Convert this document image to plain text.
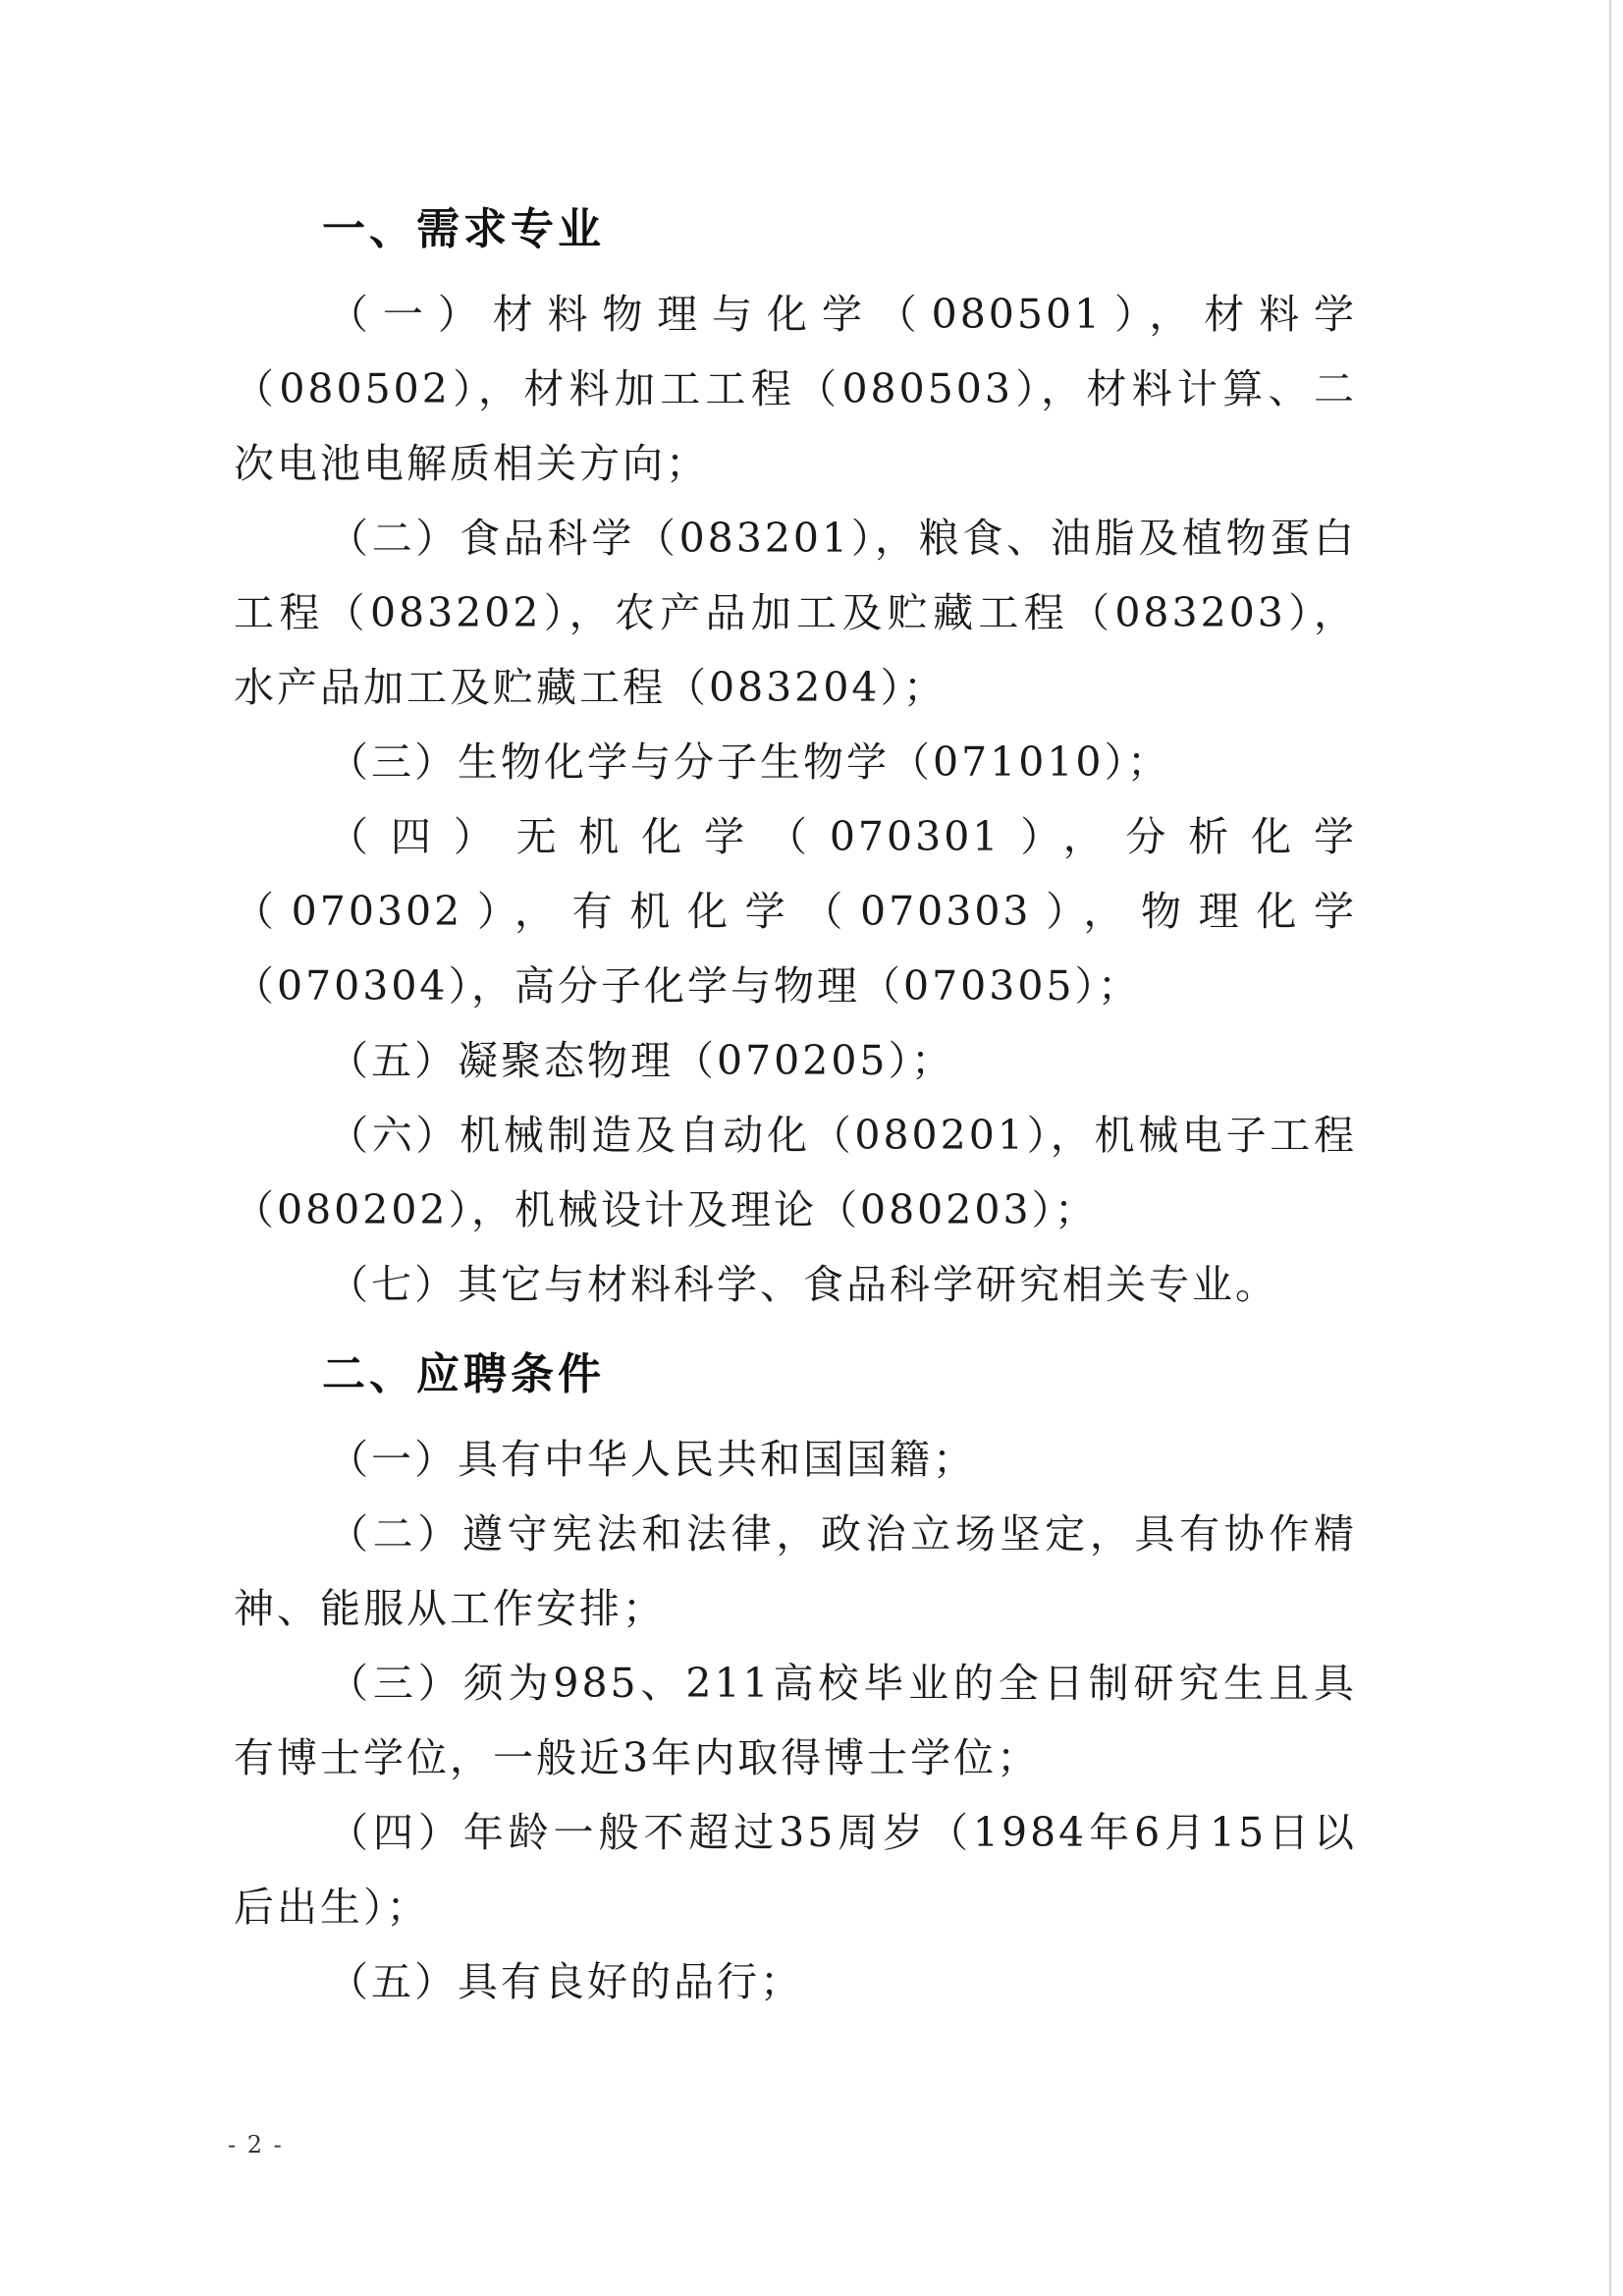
一、需求专业

（一）材料物理与化学（080501），材料学（080502），材料加工工程（080503），材料计算、二次电池电解质相关方向；

（二）食品科学（083201），粮食、油脂及植物蛋白工程（083202），农产品加工及贮藏工程（083203），水产品加工及贮藏工程（083204）；

（三）生物化学与分子生物学（071010）；

（四）无机化学（070301），分析化学（070302），有机化学（070303），物理化学（070304），高分子化学与物理（070305）；

（五）凝聚态物理（070205）；

（六）机械制造及自动化（080201），机械电子工程（080202），机械设计及理论（080203）；

（七）其它与材料科学、食品科学研究相关专业。

二、应聘条件

（一）具有中华人民共和国国籍；

（二）遵守宪法和法律，政治立场坚定，具有协作精神、能服从工作安排；

（三）须为985、211高校毕业的全日制研究生且具有博士学位，一般近3年内取得博士学位；

（四）年龄一般不超过35周岁（1984年6月15日以后出生）；

（五）具有良好的品行；

- 2 -
